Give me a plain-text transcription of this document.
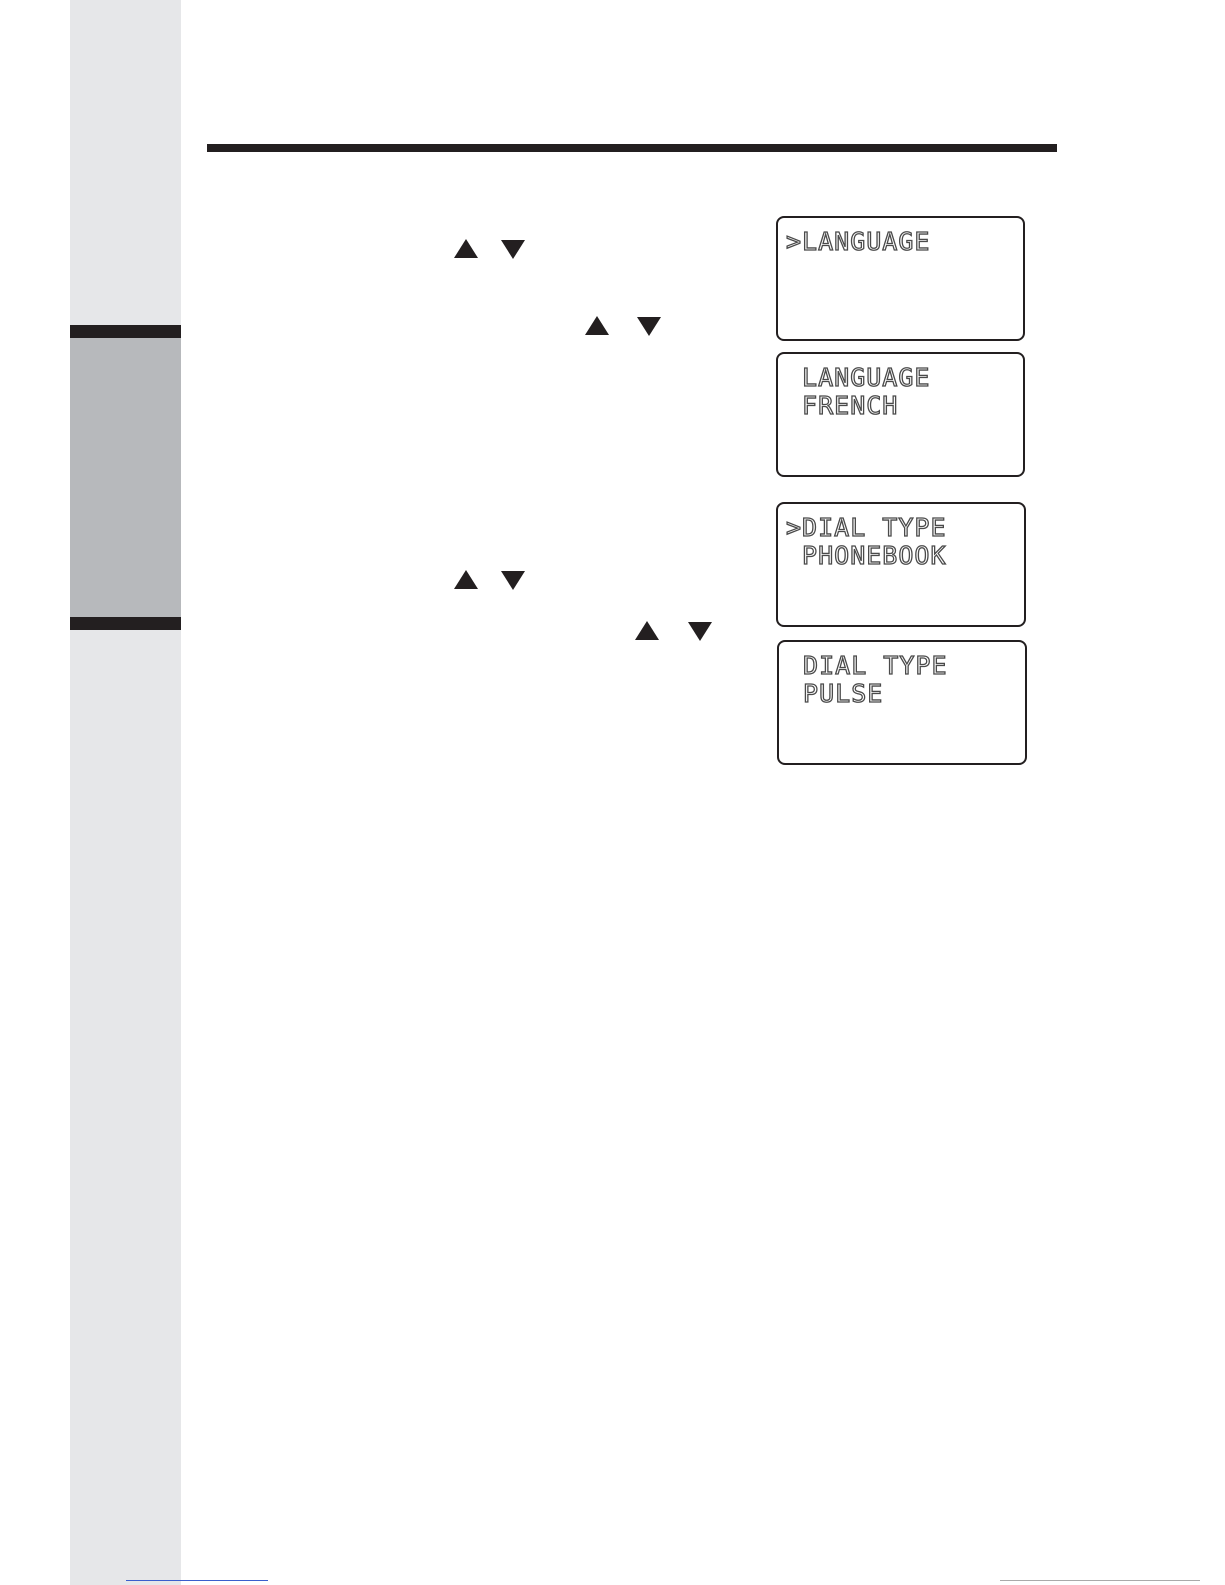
>LANGUAGE
LANGUAGE
FRENCH
>DIAL TYPE
PHONEBOOK
DIAL TYPE
PULSE
